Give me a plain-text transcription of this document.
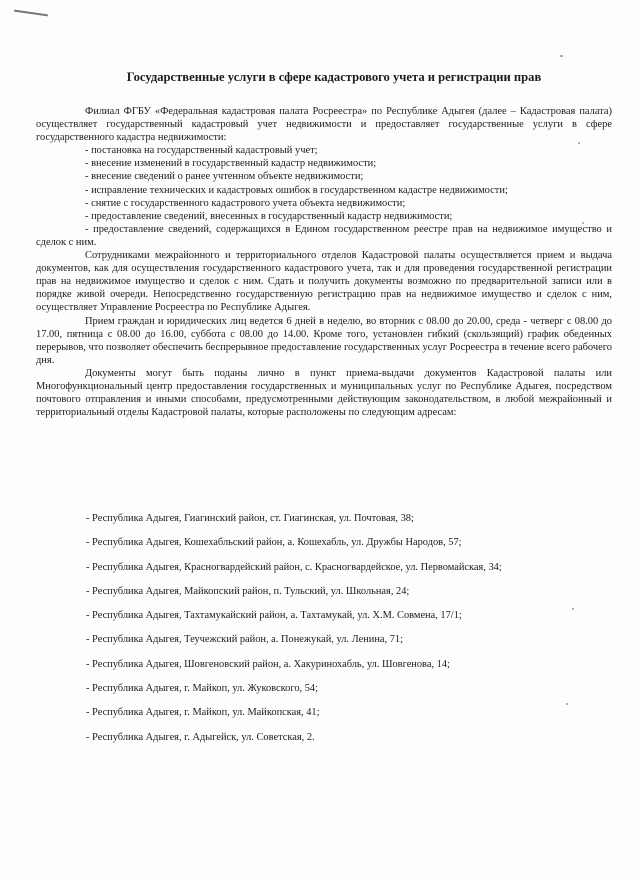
Государственные услуги в сфере кадастрового учета и регистрации прав

Филиал ФГБУ «Федеральная кадастровая палата Росреестра» по Республике Адыгея (далее – Кадастровая палата) осуществляет государственный кадастровый учет недвижимости и предоставляет государственные услуги в сфере государственного кадастра недвижимости:

- постановка на государственный кадастровый учет;

- внесение изменений в государственный кадастр недвижимости;

- внесение сведений о ранее учтенном объекте недвижимости;

- исправление технических и кадастровых ошибок в государственном кадастре недвижимости;

- снятие с государственного кадастрового учета объекта недвижимости;

- предоставление сведений, внесенных в государственный кадастр недвижимости;

- предоставление сведений, содержащихся в Едином государственном реестре прав на недвижимое имущество и сделок с ним.

Сотрудниками межрайонного и территориального отделов Кадастровой палаты осуществляется прием и выдача документов, как для осуществления государственного кадастрового учета, так и для проведения государственной регистрации прав на недвижимое имущество и сделок с ним. Сдать и получить документы возможно по предварительной записи или в порядке живой очереди. Непосредственно государственную регистрацию прав на недвижимое имущество и сделок с ним, осуществляет Управление Росреестра по Республике Адыгея.

Прием граждан и юридических лиц ведется 6 дней в неделю, во вторник с 08.00 до 20.00, среда - четверг с 08.00 до 17.00, пятница с 08.00 до 16.00, суббота с 08.00 до 14.00. Кроме того, установлен гибкий (скользящий) график обеденных перерывов, что позволяет обеспечить беспрерывное предоставление государственных услуг Росреестра в течение всего рабочего дня.

Документы могут быть поданы лично в пункт приема-выдачи документов Кадастровой палаты или Многофункциональный центр предоставления государственных и муниципальных услуг по Республике Адыгея, посредством почтового отправления и иными способами, предусмотренными действующим законодательством, в любой межрайонный и территориальный отделы Кадастровой палаты, которые расположены по следующим адресам:

- Республика Адыгея, Гиагинский район, ст. Гиагинская, ул. Почтовая, 38;

- Республика Адыгея, Кошехабльский район, а. Кошехабль, ул. Дружбы Народов, 57;

- Республика Адыгея, Красногвардейский район, с. Красногвардейское, ул. Первомайская, 34;

- Республика Адыгея, Майкопский район, п. Тульский, ул. Школьная, 24;

- Республика Адыгея, Тахтамукайский район, а. Тахтамукай, ул. Х.М. Совмена, 17/1;

- Республика Адыгея, Теучежский район, а. Понежукай, ул. Ленина, 71;

- Республика Адыгея, Шовгеновский район, а. Хакуринохабль, ул. Шовгенова, 14;

- Республика Адыгея, г. Майкоп, ул. Жуковского, 54;

- Республика Адыгея, г. Майкоп, ул. Майкопская, 41;

- Республика Адыгея, г. Адыгейск, ул. Советская, 2.
